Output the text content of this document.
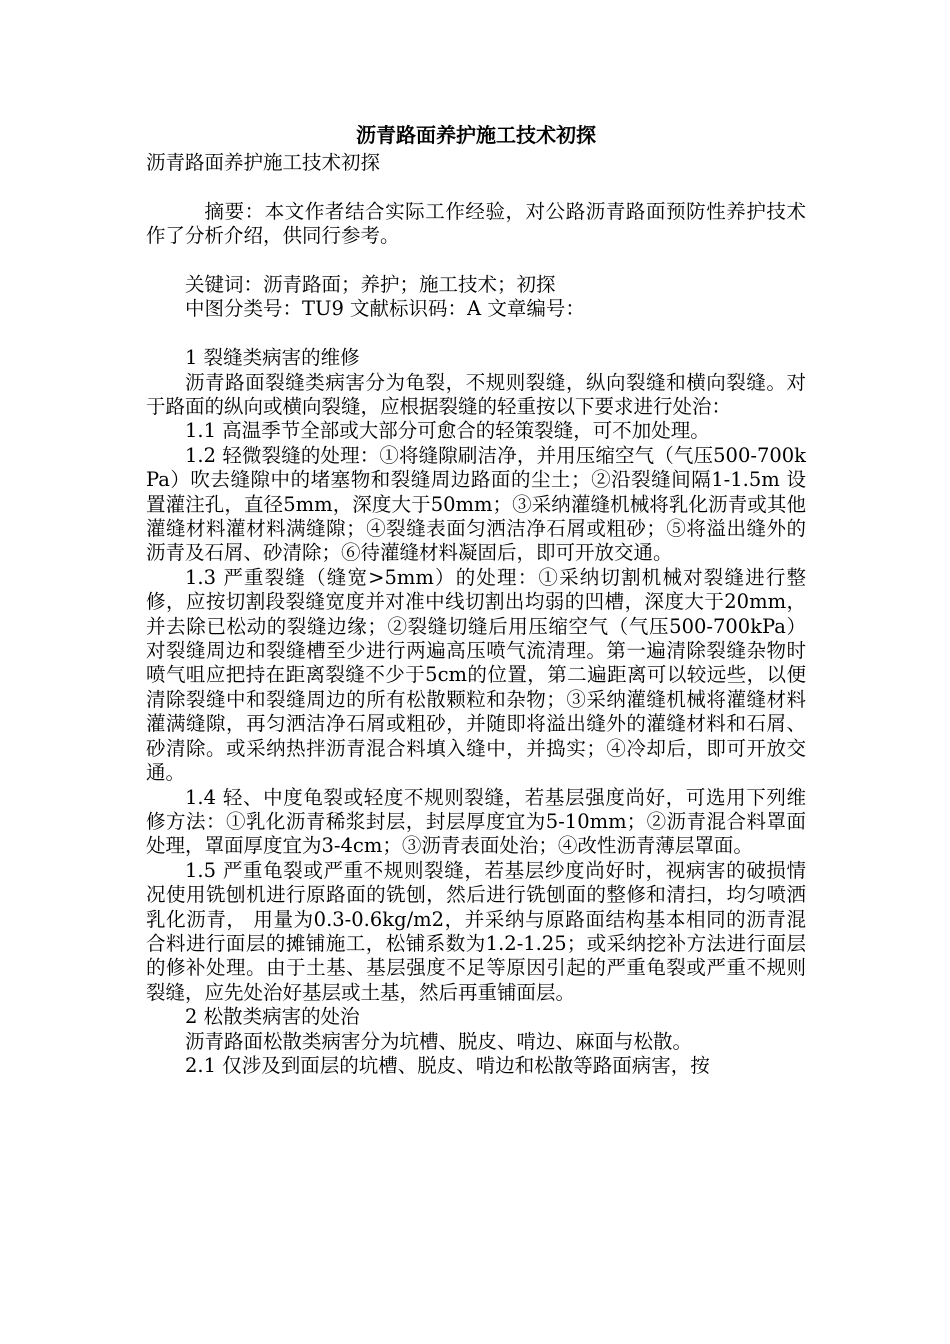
沥青路面养护施工技术初探

沥青路面养护施工技术初探

摘要：本文作者结合实际工作经验，对公路沥青路面预防性养护技术作了分析介绍，供同行参考。

关键词：沥青路面；养护；施工技术；初探

中图分类号：TU9 文献标识码：A 文章编号：

1 裂缝类病害的维修

沥青路面裂缝类病害分为龟裂，不规则裂缝，纵向裂缝和横向裂缝。对于路面的纵向或横向裂缝，应根据裂缝的轻重按以下要求进行处治：

1.1 高温季节全部或大部分可愈合的轻策裂缝，可不加处理。

1.2 轻微裂缝的处理：①将缝隙刷洁净，并用压缩空气（气压500-700kPa）吹去缝隙中的堵塞物和裂缝周边路面的尘土；②沿裂缝间隔1-1.5m 设置灌注孔，直径5mm，深度大于50mm；③采纳灌缝机械将乳化沥青或其他灌缝材料灌材料满缝隙；④裂缝表面匀洒洁净石屑或粗砂；⑤将溢出缝外的沥青及石屑、砂清除；⑥待灌缝材料凝固后，即可开放交通。

1.3 严重裂缝（缝宽>5mm）的处理：①采纳切割机械对裂缝进行整修，应按切割段裂缝宽度并对准中线切割出均弱的凹槽，深度大于20mm，并去除已松动的裂缝边缘；②裂缝切缝后用压缩空气（气压500-700kPa）对裂缝周边和裂缝槽至少进行两遍高压喷气流清理。第一遍清除裂缝杂物时喷气咀应把持在距离裂缝不少于5cm的位置，第二遍距离可以较远些，以便清除裂缝中和裂缝周边的所有松散颗粒和杂物；③采纳灌缝机械将灌缝材料灌满缝隙，再匀洒洁净石屑或粗砂，并随即将溢出缝外的灌缝材料和石屑、砂清除。或采纳热拌沥青混合料填入缝中，并捣实；④冷却后，即可开放交通。

1.4 轻、中度龟裂或轻度不规则裂缝，若基层强度尚好，可选用下列维修方法：①乳化沥青稀浆封层，封层厚度宜为5-10mm；②沥青混合料罩面处理，罩面厚度宜为3-4cm；③沥青表面处治；④改性沥青薄层罩面。

1.5 严重龟裂或严重不规则裂缝，若基层纱度尚好时，视病害的破损情况使用铣刨机进行原路面的铣刨，然后进行铣刨面的整修和清扫，均匀喷洒乳化沥青， 用量为0.3-0.6kg/m2，并采纳与原路面结构基本相同的沥青混合料进行面层的摊铺施工，松铺系数为1.2-1.25；或采纳挖补方法进行面层的修补处理。由于土基、基层强度不足等原因引起的严重龟裂或严重不规则裂缝，应先处治好基层或土基，然后再重铺面层。

2 松散类病害的处治

沥青路面松散类病害分为坑槽、脱皮、啃边、麻面与松散。

2.1 仅涉及到面层的坑槽、脱皮、啃边和松散等路面病害，按
